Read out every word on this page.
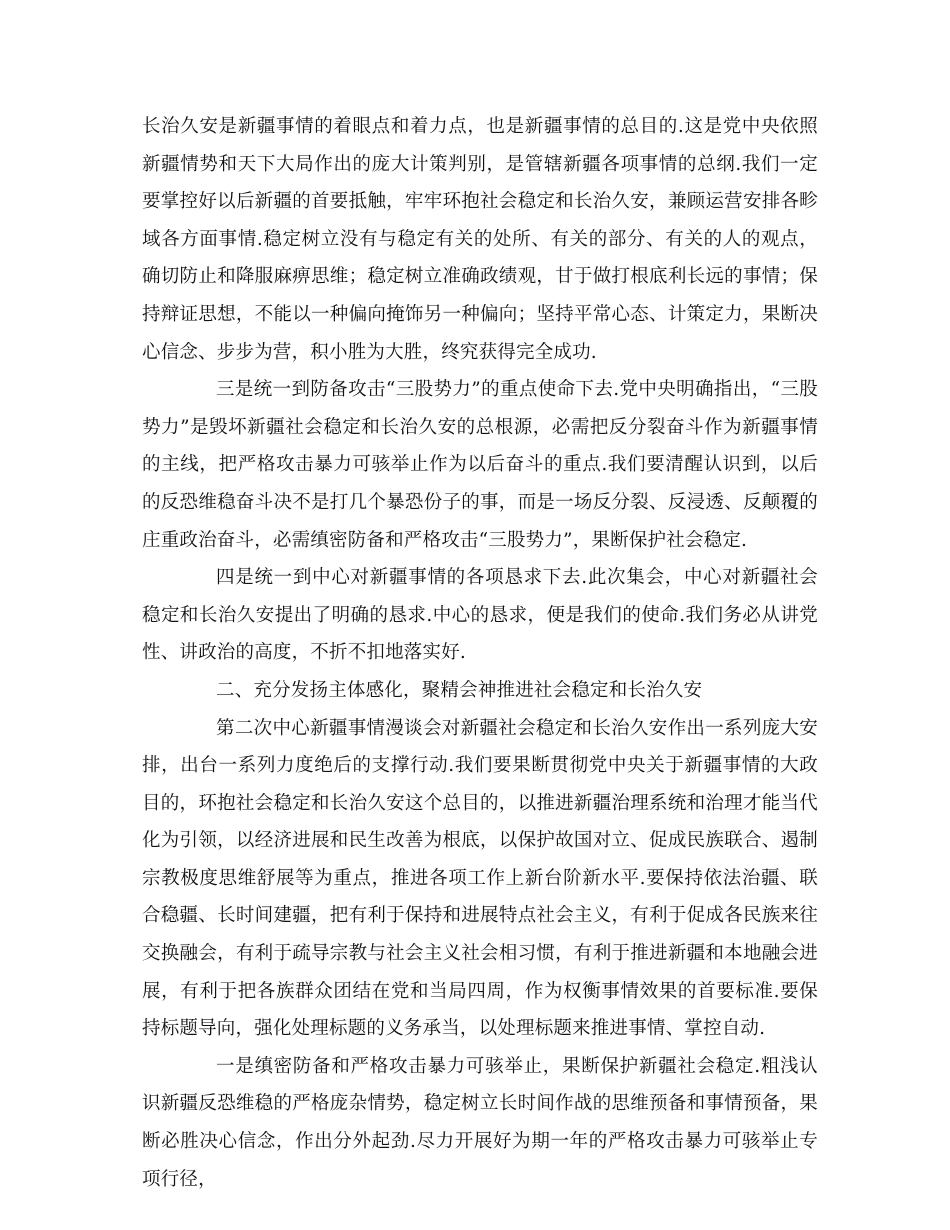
长治久安是新疆事情的着眼点和着力点，也是新疆事情的总目的.这是党中央依照新疆情势和天下大局作出的庞大计策判别，是管辖新疆各项事情的总纲.我们一定要掌控好以后新疆的首要抵触，牢牢环抱社会稳定和长治久安，兼顾运营安排各畛域各方面事情.稳定树立没有与稳定有关的处所、有关的部分、有关的人的观点，确切防止和降服麻痹思维；稳定树立准确政绩观，甘于做打根底利长远的事情；保持辩证思想，不能以一种偏向掩饰另一种偏向；坚持平常心态、计策定力，果断决心信念、步步为营，积小胜为大胜，终究获得完全成功.

三是统一到防备攻击“三股势力”的重点使命下去.党中央明确指出，“三股势力”是毁坏新疆社会稳定和长治久安的总根源，必需把反分裂奋斗作为新疆事情的主线，把严格攻击暴力可骇举止作为以后奋斗的重点.我们要清醒认识到，以后的反恐维稳奋斗决不是打几个暴恐份子的事，而是一场反分裂、反浸透、反颠覆的庄重政治奋斗，必需缜密防备和严格攻击“三股势力”，果断保护社会稳定.

四是统一到中心对新疆事情的各项恳求下去.此次集会，中心对新疆社会稳定和长治久安提出了明确的恳求.中心的恳求，便是我们的使命.我们务必从讲党性、讲政治的高度，不折不扣地落实好.

二、充分发扬主体感化，聚精会神推进社会稳定和长治久安

第二次中心新疆事情漫谈会对新疆社会稳定和长治久安作出一系列庞大安排，出台一系列力度绝后的支撑行动.我们要果断贯彻党中央关于新疆事情的大政目的，环抱社会稳定和长治久安这个总目的，以推进新疆治理系统和治理才能当代化为引领，以经济进展和民生改善为根底，以保护故国对立、促成民族联合、遏制宗教极度思维舒展等为重点，推进各项工作上新台阶新水平.要保持依法治疆、联合稳疆、长时间建疆，把有利于保持和进展特点社会主义，有利于促成各民族来往交换融会，有利于疏导宗教与社会主义社会相习惯，有利于推进新疆和本地融会进展，有利于把各族群众团结在党和当局四周，作为权衡事情效果的首要标准.要保持标题导向，强化处理标题的义务承当，以处理标题来推进事情、掌控自动.

一是缜密防备和严格攻击暴力可骇举止，果断保护新疆社会稳定.粗浅认识新疆反恐维稳的严格庞杂情势，稳定树立长时间作战的思维预备和事情预备，果断必胜决心信念，作出分外起劲.尽力开展好为期一年的严格攻击暴力可骇举止专项行径，
